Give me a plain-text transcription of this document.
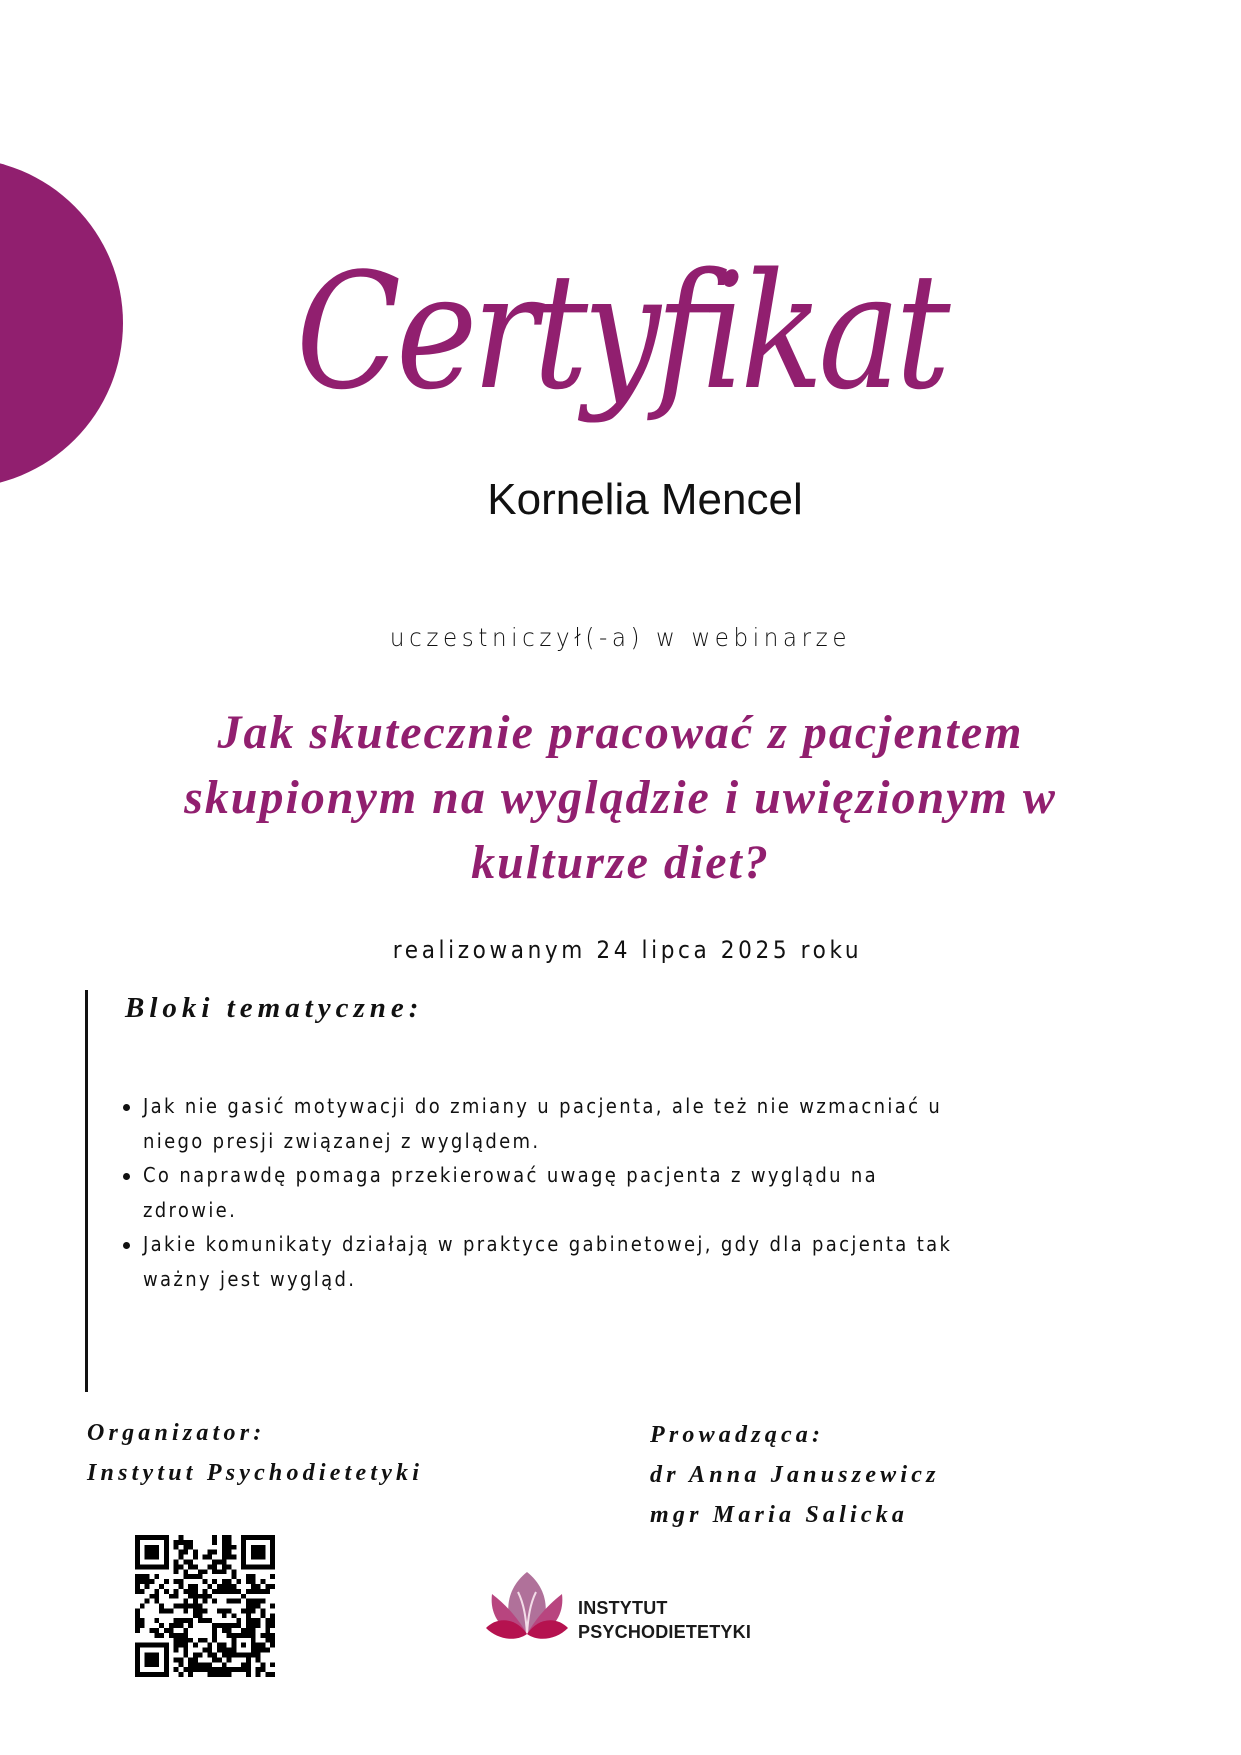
Certyfikat
Kornelia Mencel
uczestniczył(-a) w webinarze
Jak skutecznie pracować z pacjentem
skupionym na wyglądzie i uwięzionym w
kulturze diet?
realizowanym 24 lipca 2025 roku
Bloki tematyczne:
Jak nie gasić motywacji do zmiany u pacjenta, ale też nie wzmacniać u
niego presji związanej z wyglądem.
Co naprawdę pomaga przekierować uwagę pacjenta z wyglądu na
zdrowie.
Jakie komunikaty działają w praktyce gabinetowej, gdy dla pacjenta tak
ważny jest wygląd.
Organizator:
Instytut Psychodietetyki
Prowadząca:
dr Anna Januszewicz
mgr Maria Salicka
INSTYTUT
PSYCHODIETETYKI
